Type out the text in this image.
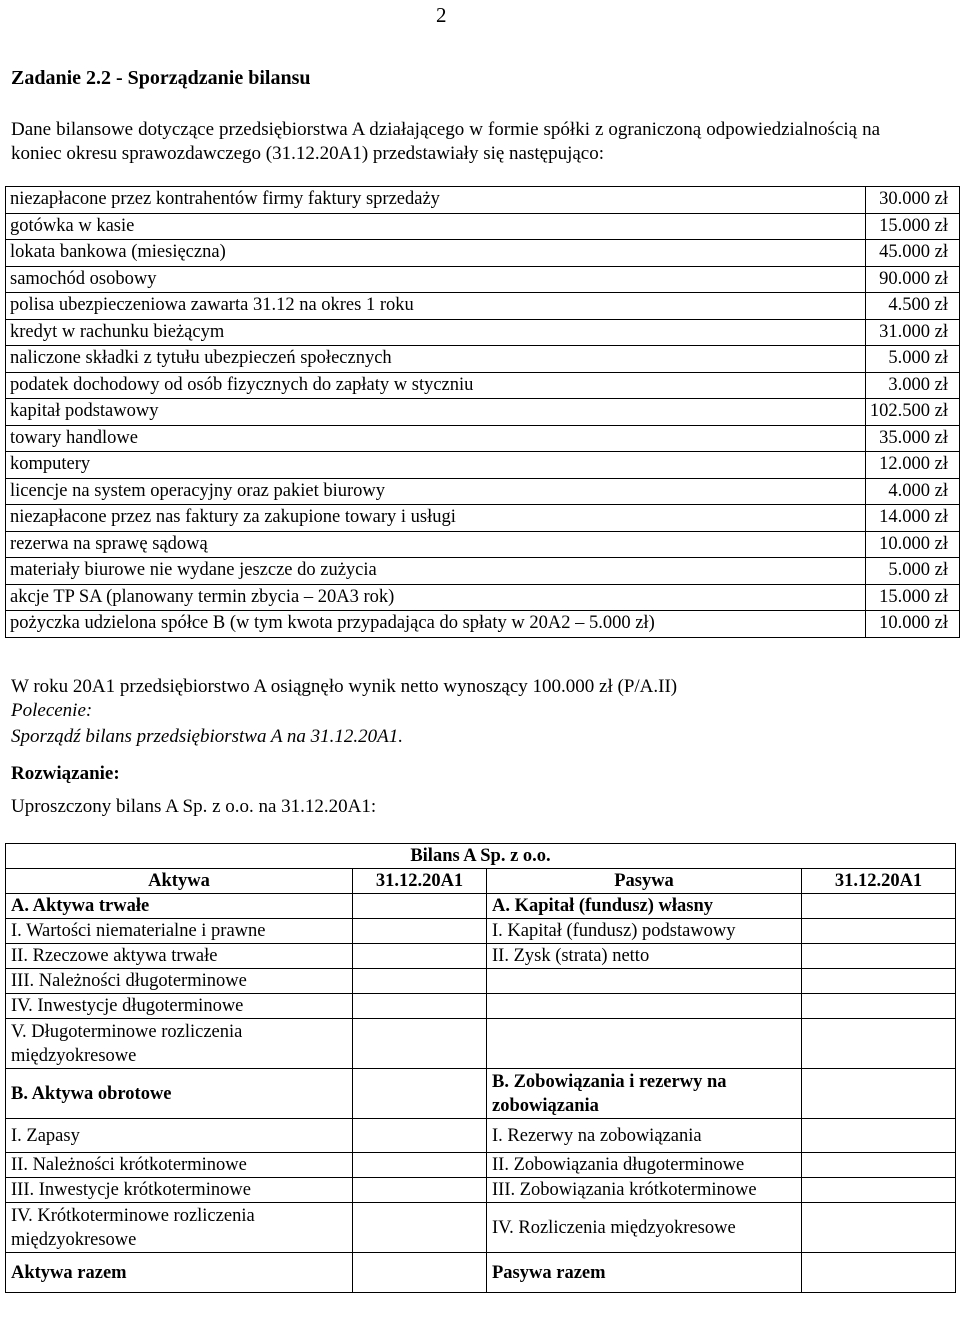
2
Zadanie 2.2 - Sporządzanie bilansu

Dane bilansowe dotyczące przedsiębiorstwa A działającego w formie spółki z ograniczoną odpowiedzialnością na koniec okresu sprawozdawczego (31.12.20A1) przedstawiały się następująco:

niezapłacone przez kontrahentów firmy faktury sprzedaży	30.000 zł
gotówka w kasie	15.000 zł
lokata bankowa (miesięczna)	45.000 zł
samochód osobowy	90.000 zł
polisa ubezpieczeniowa zawarta 31.12 na okres 1 roku	4.500 zł
kredyt w rachunku bieżącym	31.000 zł
naliczone składki z tytułu ubezpieczeń społecznych	5.000 zł
podatek dochodowy od osób fizycznych do zapłaty w styczniu	3.000 zł
kapitał podstawowy	102.500 zł
towary handlowe	35.000 zł
komputery	12.000 zł
licencje na system operacyjny oraz pakiet biurowy	4.000 zł
niezapłacone przez nas faktury za zakupione towary i usługi	14.000 zł
rezerwa na sprawę sądową	10.000 zł
materiały biurowe nie wydane jeszcze do zużycia	5.000 zł
akcje TP SA (planowany termin zbycia – 20A3 rok)	15.000 zł
pożyczka udzielona spółce B (w tym kwota przypadająca do spłaty w 20A2 – 5.000 zł)	10.000 zł
W roku 20A1 przedsiębiorstwo A osiągnęło wynik netto wynoszący 100.000 zł (P/A.II)
Polecenie:
Sporządź bilans przedsiębiorstwa A na 31.12.20A1.
Rozwiązanie:
Uproszczony bilans A Sp. z o.o. na 31.12.20A1:
Bilans A Sp. z o.o.			
Aktywa	31.12.20A1	Pasywa	31.12.20A1
A. Aktywa trwałe		A. Kapitał (fundusz) własny	
I. Wartości niematerialne i prawne		I. Kapitał (fundusz) podstawowy	
II. Rzeczowe aktywa trwałe		II. Zysk (strata) netto	
III. Należności długoterminowe			
IV. Inwestycje długoterminowe			
V. Długoterminowe rozliczenia międzyokresowe			
B. Aktywa obrotowe		B. Zobowiązania i rezerwy na zobowiązania	
I. Zapasy		I. Rezerwy na zobowiązania	
II. Należności krótkoterminowe		II. Zobowiązania długoterminowe	
III. Inwestycje krótkoterminowe		III. Zobowiązania krótkoterminowe	
IV. Krótkoterminowe rozliczenia międzyokresowe		IV. Rozliczenia międzyokresowe	
Aktywa razem		Pasywa razem	
